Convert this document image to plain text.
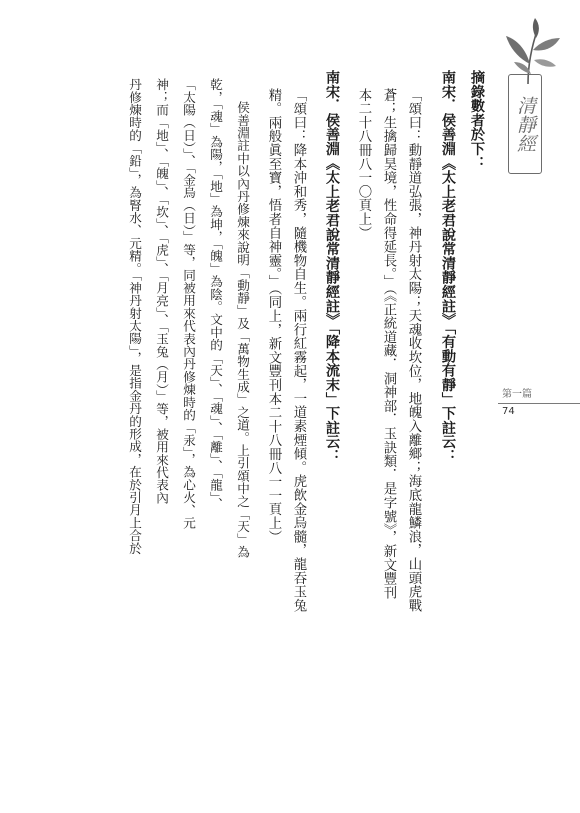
清靜經
第一篇
74
摘錄數者於下：
南宋．侯善淵《太上老君說常清靜經註》「有動有靜」下註云：
「頌曰：動靜道弘張，神丹射太陽；天魂收坎位，地魄入離鄉；海底龍鱗浪，山頭虎戰
蒼；生擒歸昊境，性命得延長。」（《正統道藏．洞神部．玉訣類．是字號》，新文豐刊
本二十八冊八一〇頁上）
南宋．侯善淵《太上老君說常清靜經註》「降本流末」下註云：
「頌曰：降本沖和秀，隨機物自生。兩行紅霧起，一道素煙傾。虎飲金烏髓，龍吞玉兔
精。兩般眞至寶，悟者自神靈。」（同上，新文豐刊本二十八冊八一一頁上）
侯善淵註中以內丹修煉來說明「動靜」及「萬物生成」之道。上引頌中之「天」為
乾，「魂」為陽，「地」為坤，「魄」為陰。文中的「天」、「魂」、「離」、「龍」、
「太陽（日）」、「金烏（日）」等，同被用來代表內丹修煉時的「汞」，為心火、元
神；而「地」、「魄」、「坎」、「虎」、「月亮」、「玉兔（月）」等，被用來代表內
丹修煉時的「鉛」，為腎水、元精。「神丹射太陽」，是指金丹的形成，在於引月上合於
